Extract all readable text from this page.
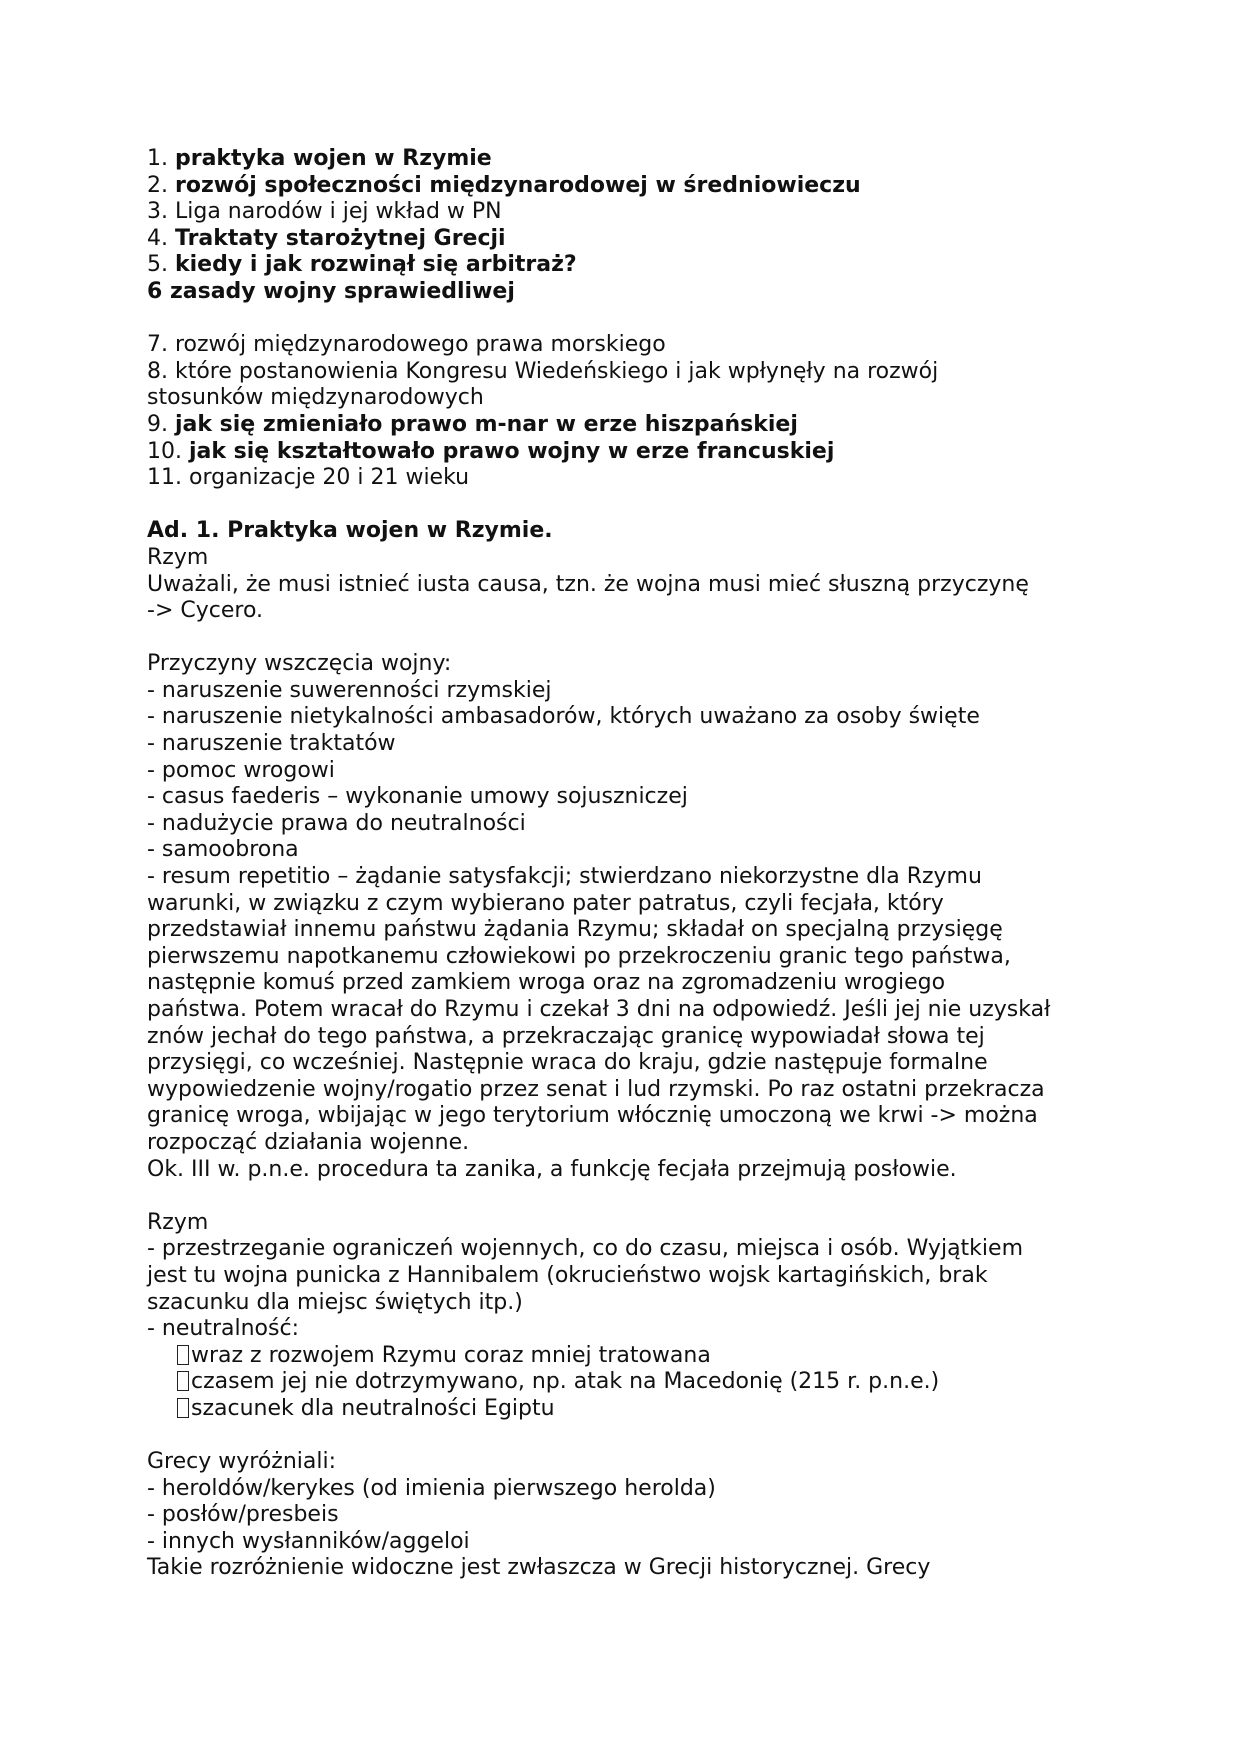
1. praktyka wojen w Rzymie

2. rozwój społeczności międzynarodowej w średniowieczu

3. Liga narodów i jej wkład w PN

4. Traktaty starożytnej Grecji

5. kiedy i jak rozwinął się arbitraż?

6 zasady wojny sprawiedliwej

7. rozwój międzynarodowego prawa morskiego

8. które postanowienia Kongresu Wiedeńskiego i jak wpłynęły na rozwój

stosunków międzynarodowych

9. jak się zmieniało prawo m-nar w erze hiszpańskiej

10. jak się kształtowało prawo wojny w erze francuskiej

11. organizacje 20 i 21 wieku

Ad. 1. Praktyka wojen w Rzymie.

Rzym

Uważali, że musi istnieć iusta causa, tzn. że wojna musi mieć słuszną przyczynę

-> Cycero.

Przyczyny wszczęcia wojny:

- naruszenie suwerenności rzymskiej

- naruszenie nietykalności ambasadorów, których uważano za osoby święte

- naruszenie traktatów

- pomoc wrogowi

- casus faederis – wykonanie umowy sojuszniczej

- nadużycie prawa do neutralności

- samoobrona

- resum repetitio – żądanie satysfakcji; stwierdzano niekorzystne dla Rzymu

warunki, w związku z czym wybierano pater patratus, czyli fecjała, który

przedstawiał innemu państwu żądania Rzymu; składał on specjalną przysięgę

pierwszemu napotkanemu człowiekowi po przekroczeniu granic tego państwa,

następnie komuś przed zamkiem wroga oraz na zgromadzeniu wrogiego

państwa. Potem wracał do Rzymu i czekał 3 dni na odpowiedź. Jeśli jej nie uzyskał

znów jechał do tego państwa, a przekraczając granicę wypowiadał słowa tej

przysięgi, co wcześniej. Następnie wraca do kraju, gdzie następuje formalne

wypowiedzenie wojny/rogatio przez senat i lud rzymski. Po raz ostatni przekracza

granicę wroga, wbijając w jego terytorium włócznię umoczoną we krwi -> można

rozpocząć działania wojenne.

Ok. III w. p.n.e. procedura ta zanika, a funkcję fecjała przejmują posłowie.

Rzym

- przestrzeganie ograniczeń wojennych, co do czasu, miejsca i osób. Wyjątkiem

jest tu wojna punicka z Hannibalem (okrucieństwo wojsk kartagińskich, brak

szacunku dla miejsc świętych itp.)

- neutralność:

wraz z rozwojem Rzymu coraz mniej tratowana

czasem jej nie dotrzymywano, np. atak na Macedonię (215 r. p.n.e.)

szacunek dla neutralności Egiptu

Grecy wyróżniali:

- heroldów/kerykes (od imienia pierwszego herolda)

- posłów/presbeis

- innych wysłanników/aggeloi

Takie rozróżnienie widoczne jest zwłaszcza w Grecji historycznej. Grecy
